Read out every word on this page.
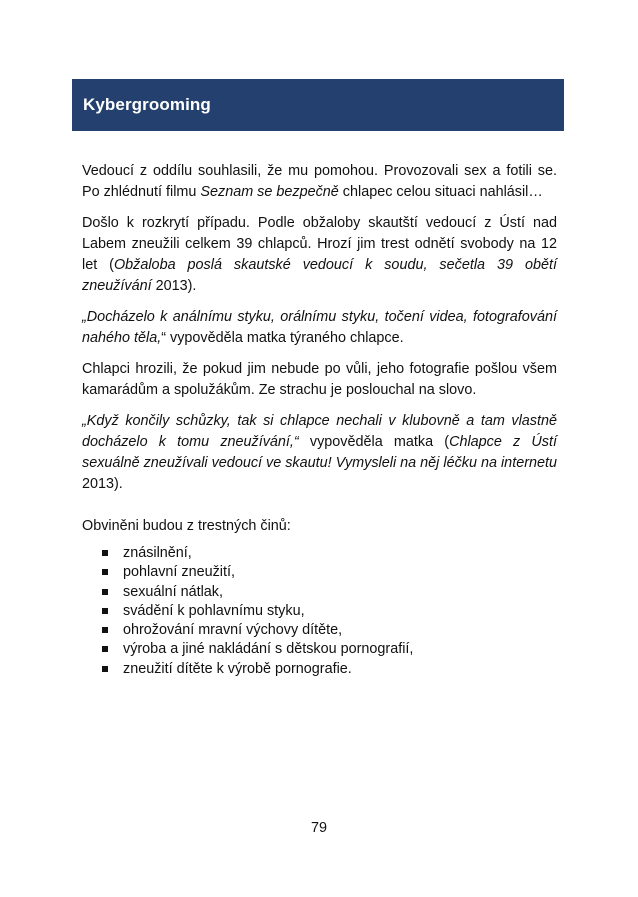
Kybergrooming

Vedoucí z oddílu souhlasili, že mu pomohou. Provozovali sex a fotili se. Po zhlédnutí filmu Seznam se bezpečně chlapec celou situaci nahlásil…

Došlo k rozkrytí případu. Podle obžaloby skautští vedoucí z Ústí nad Labem zneužili celkem 39 chlapců. Hrozí jim trest odnětí svobody na 12 let (Obžaloba poslá skautské vedoucí k soudu, sečetla 39 obětí zneužívání 2013).

„Docházelo k análnímu styku, orálnímu styku, točení videa, fotografování nahého těla,“ vypověděla matka týraného chlapce.

Chlapci hrozili, že pokud jim nebude po vůli, jeho fotografie pošlou všem kamarádům a spolužákům. Ze strachu je poslouchal na slovo.

„Když končily schůzky, tak si chlapce nechali v klubovně a tam vlastně docházelo k tomu zneužívání,“ vypověděla matka (Chlapce z Ústí sexuálně zneužívali vedoucí ve skautu! Vymysleli na něj léčku na internetu 2013).

Obviněni budou z trestných činů:

znásilnění,
pohlavní zneužití,
sexuální nátlak,
svádění k pohlavnímu styku,
ohrožování mravní výchovy dítěte,
výroba a jiné nakládání s dětskou pornografií,
zneužití dítěte k výrobě pornografie.
79
